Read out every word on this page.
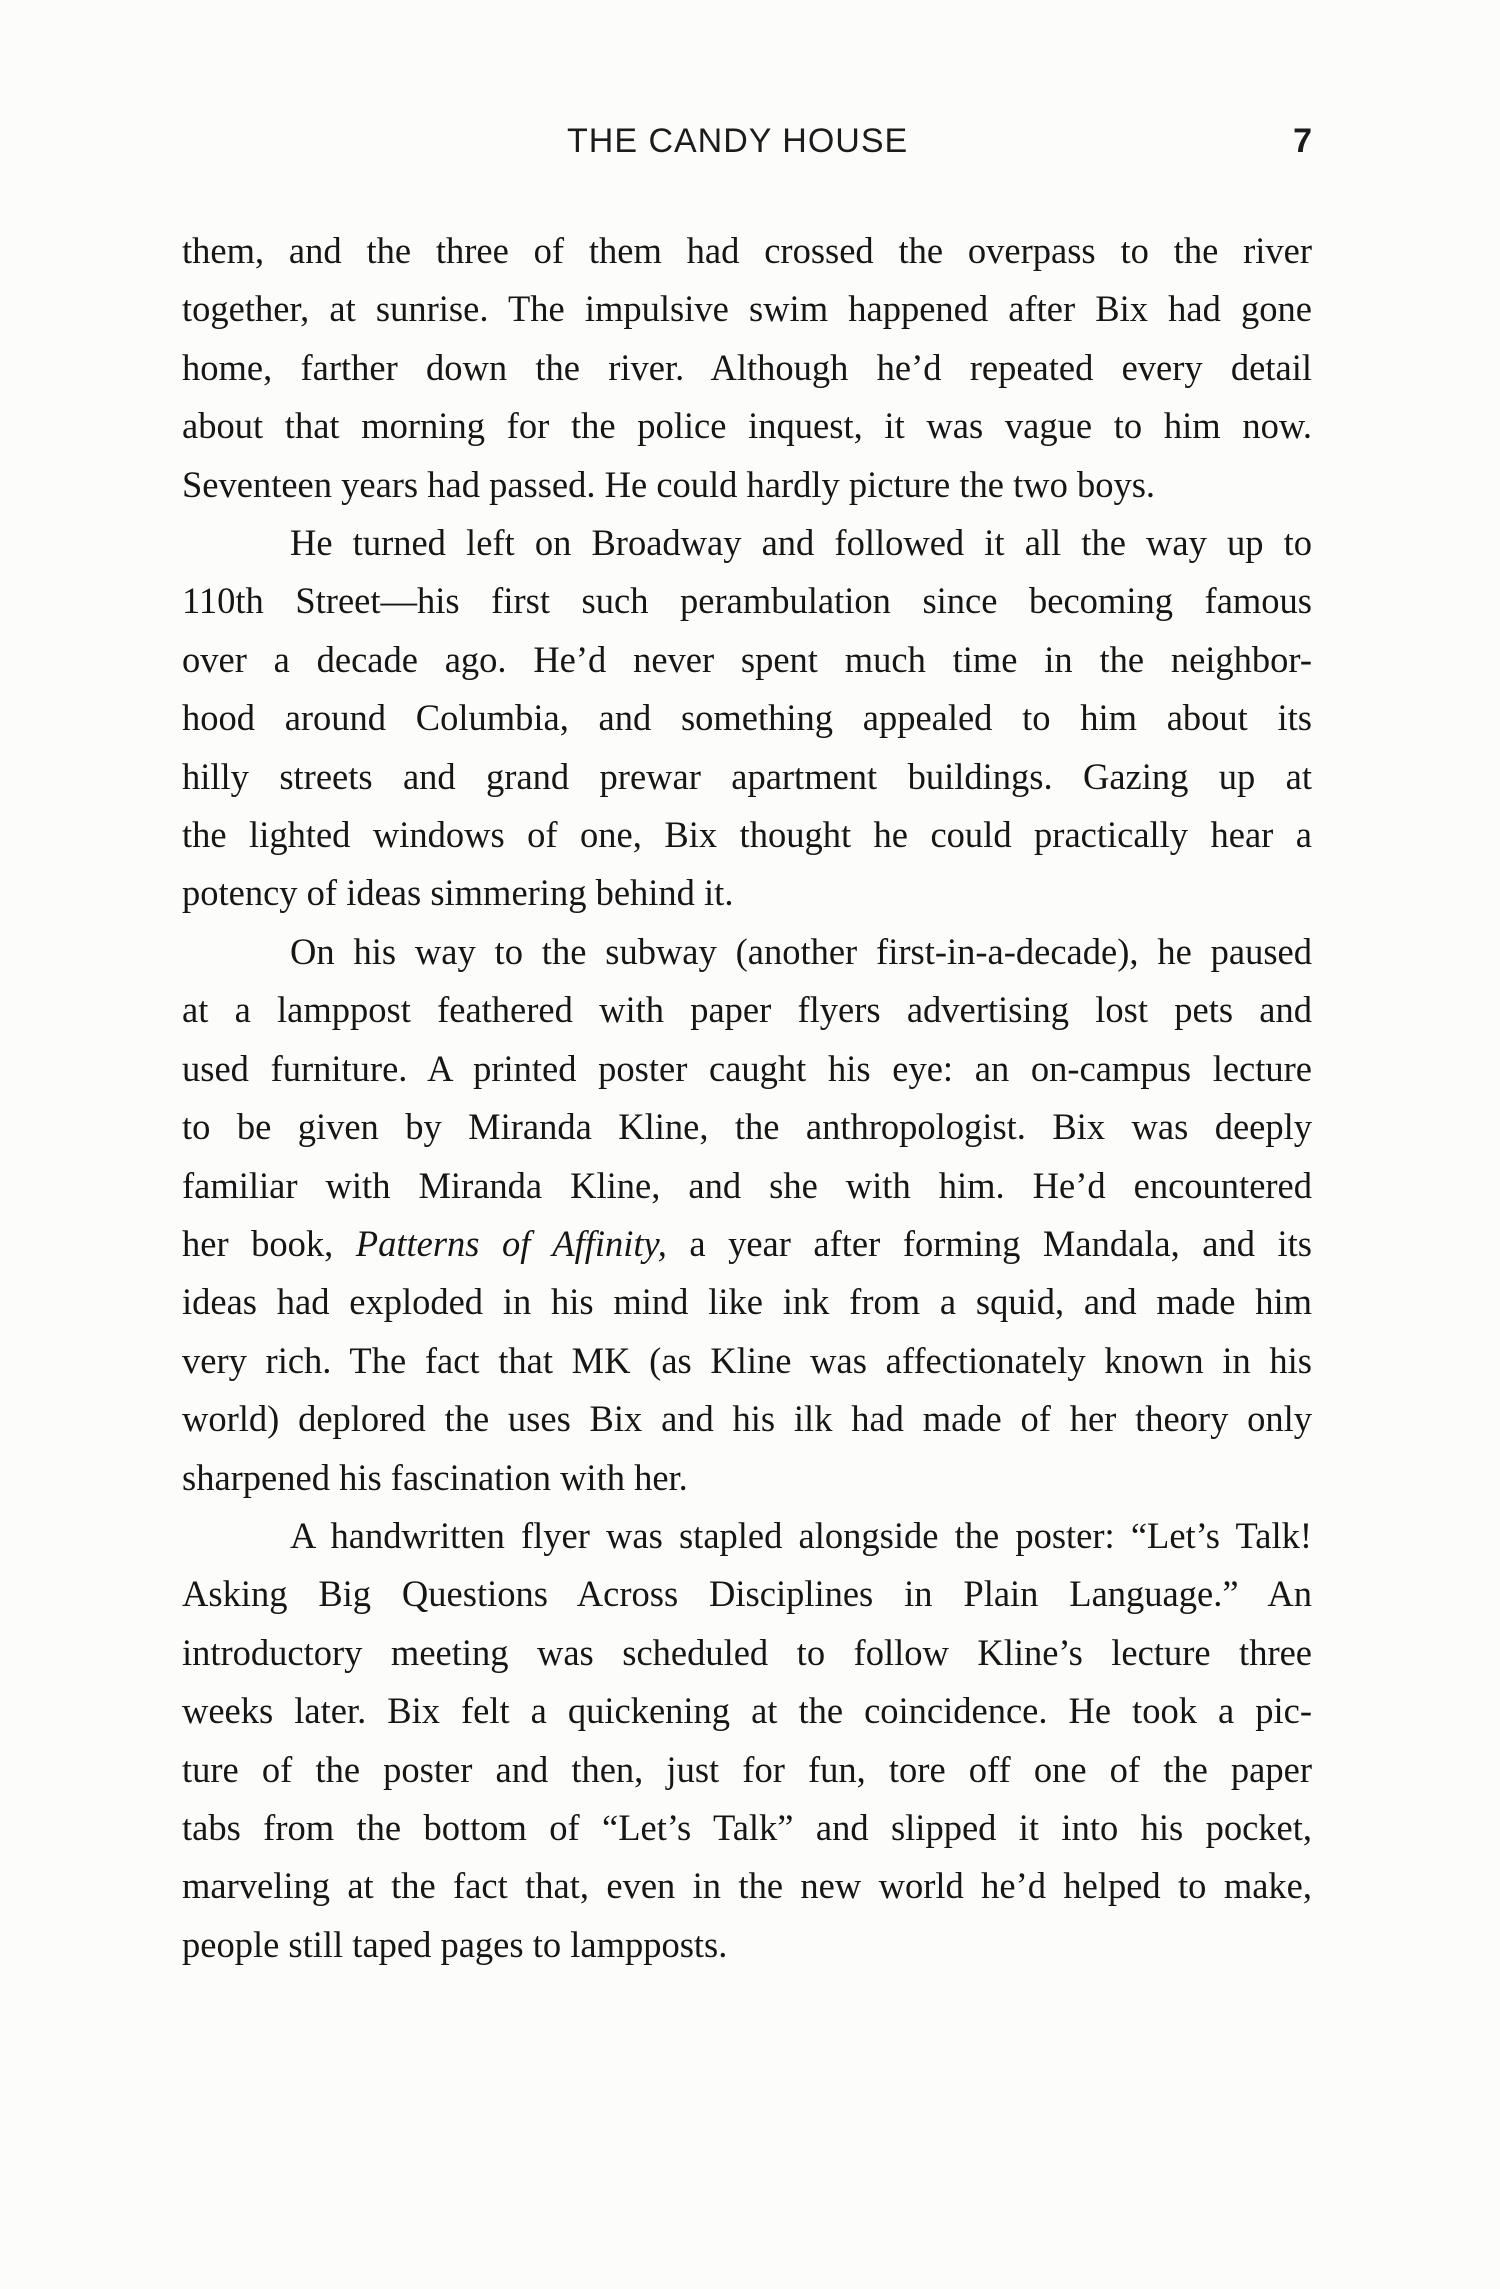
THE CANDY HOUSE	7

them, and the three of them had crossed the overpass to the river
together, at sunrise. The impulsive swim happened after Bix had gone
home, farther down the river. Although he’d repeated every detail
about that morning for the police inquest, it was vague to him now.
Seventeen years had passed. He could hardly picture the two boys.

He turned left on Broadway and followed it all the way up to
110th Street—his first such perambulation since becoming famous
over a decade ago. He’d never spent much time in the neighbor-
hood around Columbia, and something appealed to him about its
hilly streets and grand prewar apartment buildings. Gazing up at
the lighted windows of one, Bix thought he could practically hear a
potency of ideas simmering behind it.

On his way to the subway (another first-in-a-decade), he paused
at a lamppost feathered with paper flyers advertising lost pets and
used furniture. A printed poster caught his eye: an on-campus lecture
to be given by Miranda Kline, the anthropologist. Bix was deeply
familiar with Miranda Kline, and she with him. He’d encountered
her book, Patterns of Affinity, a year after forming Mandala, and its
ideas had exploded in his mind like ink from a squid, and made him
very rich. The fact that MK (as Kline was affectionately known in his
world) deplored the uses Bix and his ilk had made of her theory only
sharpened his fascination with her.

A handwritten flyer was stapled alongside the poster: “Let’s Talk!
Asking Big Questions Across Disciplines in Plain Language.” An
introductory meeting was scheduled to follow Kline’s lecture three
weeks later. Bix felt a quickening at the coincidence. He took a pic-
ture of the poster and then, just for fun, tore off one of the paper
tabs from the bottom of “Let’s Talk” and slipped it into his pocket,
marveling at the fact that, even in the new world he’d helped to make,
people still taped pages to lampposts.
